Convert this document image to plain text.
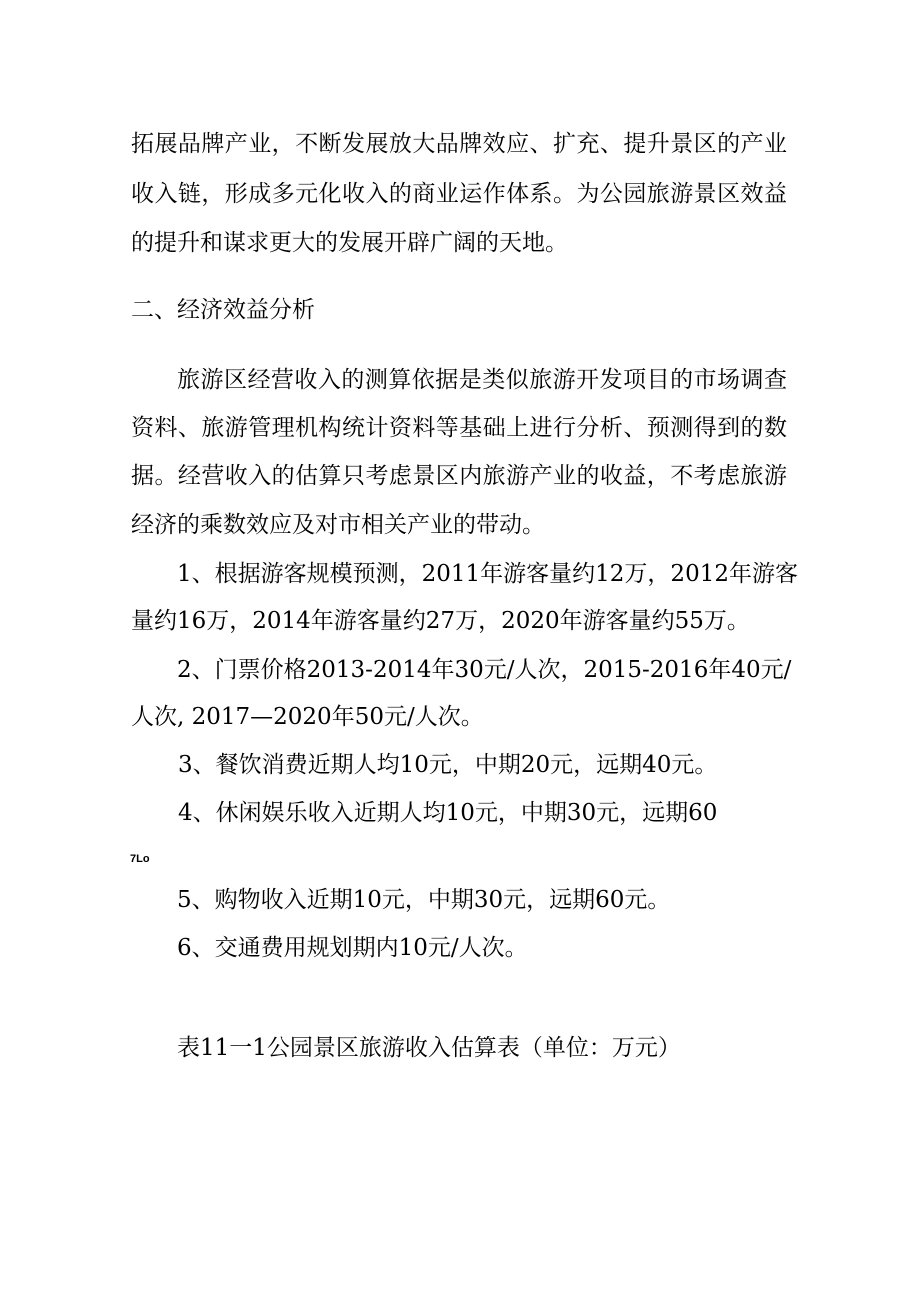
拓展品牌产业，不断发展放大品牌效应、扩充、提升景区的产业
收入链，形成多元化收入的商业运作体系。为公园旅游景区效益
的提升和谋求更大的发展开辟广阔的天地。
二、经济效益分析
旅游区经营收入的测算依据是类似旅游开发项目的市场调查
资料、旅游管理机构统计资料等基础上进行分析、预测得到的数
据。经营收入的估算只考虑景区内旅游产业的收益，不考虑旅游
经济的乘数效应及对市相关产业的带动。
1、根据游客规模预测，2011年游客量约12万，2012年游客
量约16万，2014年游客量约27万，2020年游客量约55万。
2、门票价格2013-2014年30元/人次，2015-2016年40元/
人次, 2017—2020年50元/人次。
3、餐饮消费近期人均10元，中期20元，远期40元。
4、休闲娱乐收入近期人均10元，中期30元，远期60
7Lo
5、购物收入近期10元，中期30元，远期60元。
6、交通费用规划期内10元/人次。
表11一1公园景区旅游收入估算表（单位：万元）
